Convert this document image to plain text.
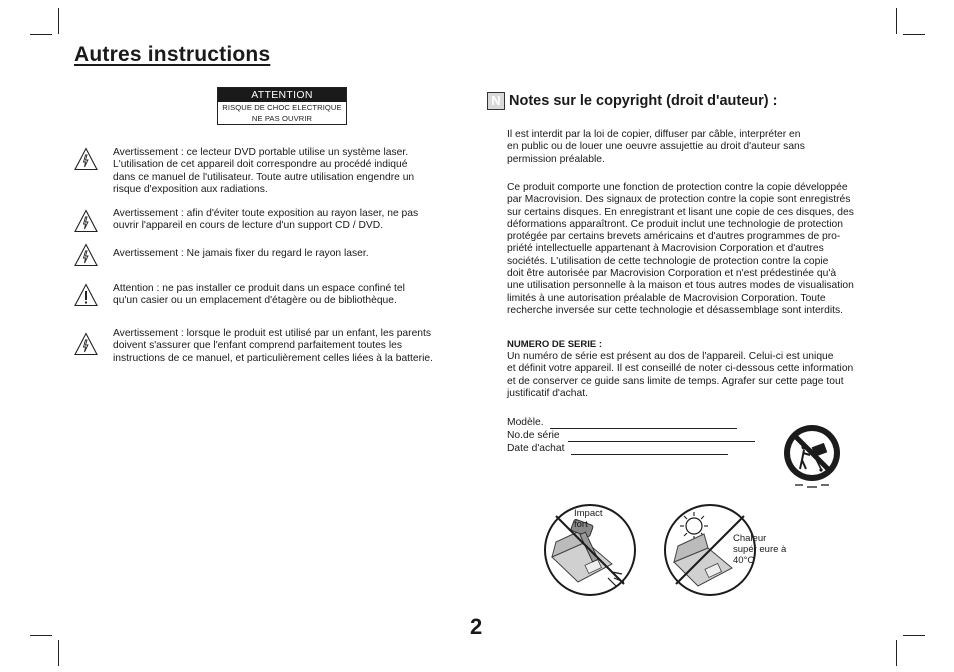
Autres instructions
ATTENTION
RISQUE DE CHOC ELECTRIQUE
NE PAS OUVRIR
Avertissement : ce lecteur DVD portable utilise un système laser.
L'utilisation de cet appareil doit correspondre au procédé indiqué
dans ce manuel de l'utilisateur. Toute autre utilisation engendre un
risque d'exposition aux radiations.
Avertissement : afin d'éviter toute exposition au rayon laser, ne pas
ouvrir l'appareil en cours de lecture d'un support CD / DVD.
Avertissement : Ne jamais fixer du regard le rayon laser.
Attention : ne pas installer ce produit dans un espace confiné tel
qu'un casier ou un emplacement d'étagère ou de bibliothèque.
Avertissement : lorsque le produit est utilisé par un enfant, les parents
doivent s'assurer que l'enfant comprend parfaitement toutes les
instructions de ce manuel, et particulièrement celles liées à la batterie.
N Notes sur le copyright (droit d'auteur) :
Il est interdit par la loi de copier, diffuser par câble, interpréter en
en public ou de louer une oeuvre assujettie au droit d'auteur sans
permission préalable.
Ce produit comporte une fonction de protection contre la copie développée
par Macrovision. Des signaux de protection contre la copie sont enregistrés
sur certains disques. En enregistrant et lisant une copie de ces disques, des
déformations apparaîtront. Ce produit inclut une technologie de protection
protégée par certains brevets américains et d'autres programmes de pro-
priété intellectuelle appartenant à Macrovision Corporation et d'autres
sociétés. L'utilisation de cette technologie de protection contre la copie
doit être autorisée par Macrovision Corporation et n'est prédestinée qu'à
une utilisation personnelle à la maison et tous autres modes de visualisation
limités à une autorisation préalable de Macrovision Corporation. Toute
recherche inversée sur cette technologie et désassemblage sont interdits.
NUMERO DE SERIE :
Un numéro de série est présent au dos de l'appareil. Celui-ci est unique
et définit votre appareil. Il est conseillé de noter ci-dessous cette information
et de conserver ce guide sans limite de temps. Agrafer sur cette page tout
justificatif d'achat.
Modèle.
No.de série
Date d'achat
Impact
fort
Chaleur
supér eure à
40°C
2
